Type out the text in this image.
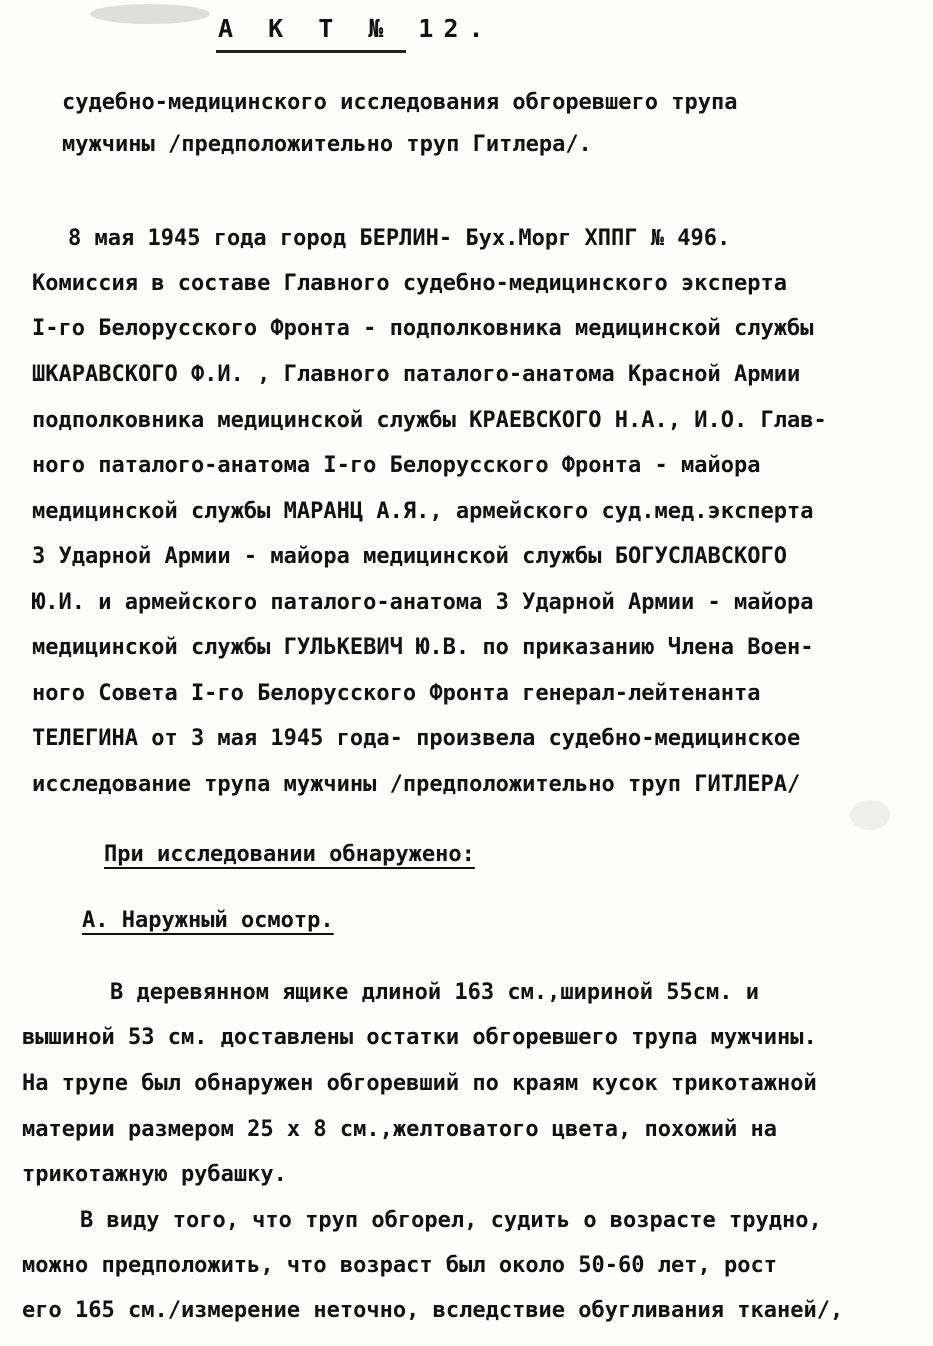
А К Т № 12.
судебно-медицинского исследования обгоревшего трупа
мужчины /предположительно труп Гитлера/.
8 мая 1945 года город БЕРЛИН- Бух.Морг ХППГ № 496.
Комиссия в составе Главного судебно-медицинского эксперта
I-го Белорусского Фронта - подполковника медицинской службы
ШКАРАВСКОГО Ф.И. , Главного паталого-анатома Красной Армии
подполковника медицинской службы КРАЕВСКОГО Н.А., И.О. Глав-
ного паталого-анатома I-го Белорусского Фронта - майора
медицинской службы МАРАНЦ А.Я., армейского суд.мед.эксперта
3 Ударной Армии - майора медицинской службы БОГУСЛАВСКОГО
Ю.И. и армейского паталого-анатома 3 Ударной Армии - майора
медицинской службы ГУЛЬКЕВИЧ Ю.В. по приказанию Члена Воен-
ного Совета I-го Белорусского Фронта генерал-лейтенанта
ТЕЛЕГИНА от 3 мая 1945 года- произвела судебно-медицинское
исследование трупа мужчины /предположительно труп ГИТЛЕРА/
При исследовании обнаружено:
А. Наружный осмотр.
В деревянном ящике длиной 163 см.,шириной 55см. и
вышиной 53 см. доставлены остатки обгоревшего трупа мужчины.
На трупе был обнаружен обгоревший по краям кусок трикотажной
материи размером 25 х 8 см.,желтоватого цвета, похожий на
трикотажную рубашку.
В виду того, что труп обгорел, судить о возрасте трудно,
можно предположить, что возраст был около 50-60 лет, рост
его 165 см./измерение неточно, вследствие обугливания тканей/,
